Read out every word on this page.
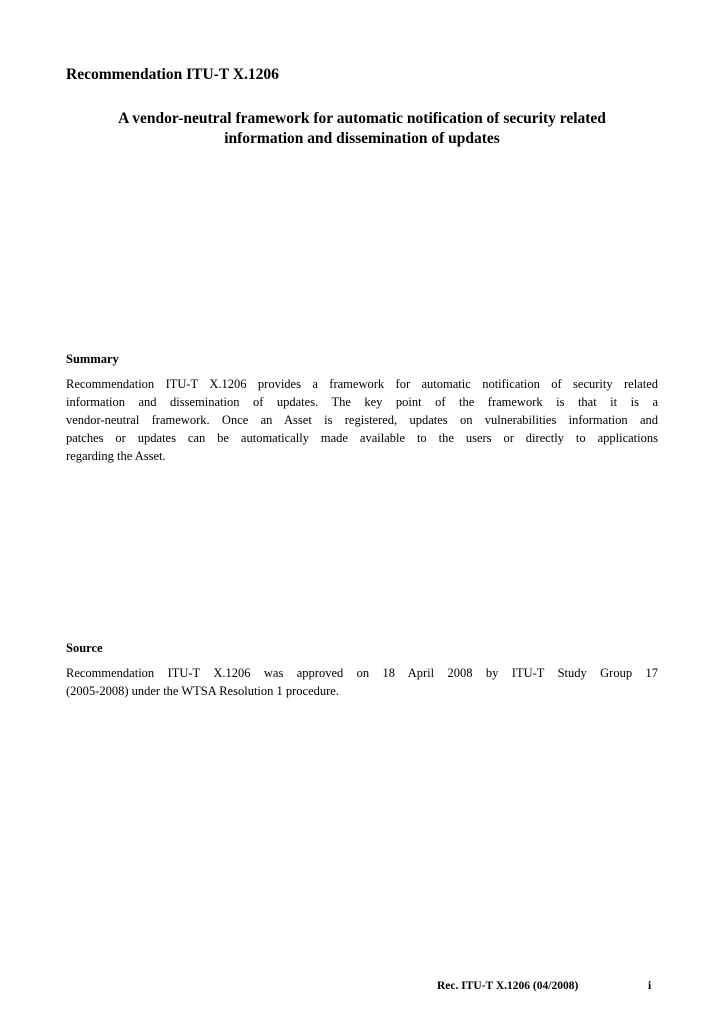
Recommendation ITU-T X.1206
A vendor-neutral framework for automatic notification of security related
information and dissemination of updates
Summary
Recommendation ITU-T X.1206 provides a framework for automatic notification of security related
information and dissemination of updates. The key point of the framework is that it is a
vendor-neutral framework. Once an Asset is registered, updates on vulnerabilities information and
patches or updates can be automatically made available to the users or directly to applications
regarding the Asset.
Source
Recommendation ITU-T X.1206 was approved on 18 April 2008 by ITU-T Study Group 17
(2005-2008) under the WTSA Resolution 1 procedure.
Rec. ITU-T X.1206 (04/2008)	i
